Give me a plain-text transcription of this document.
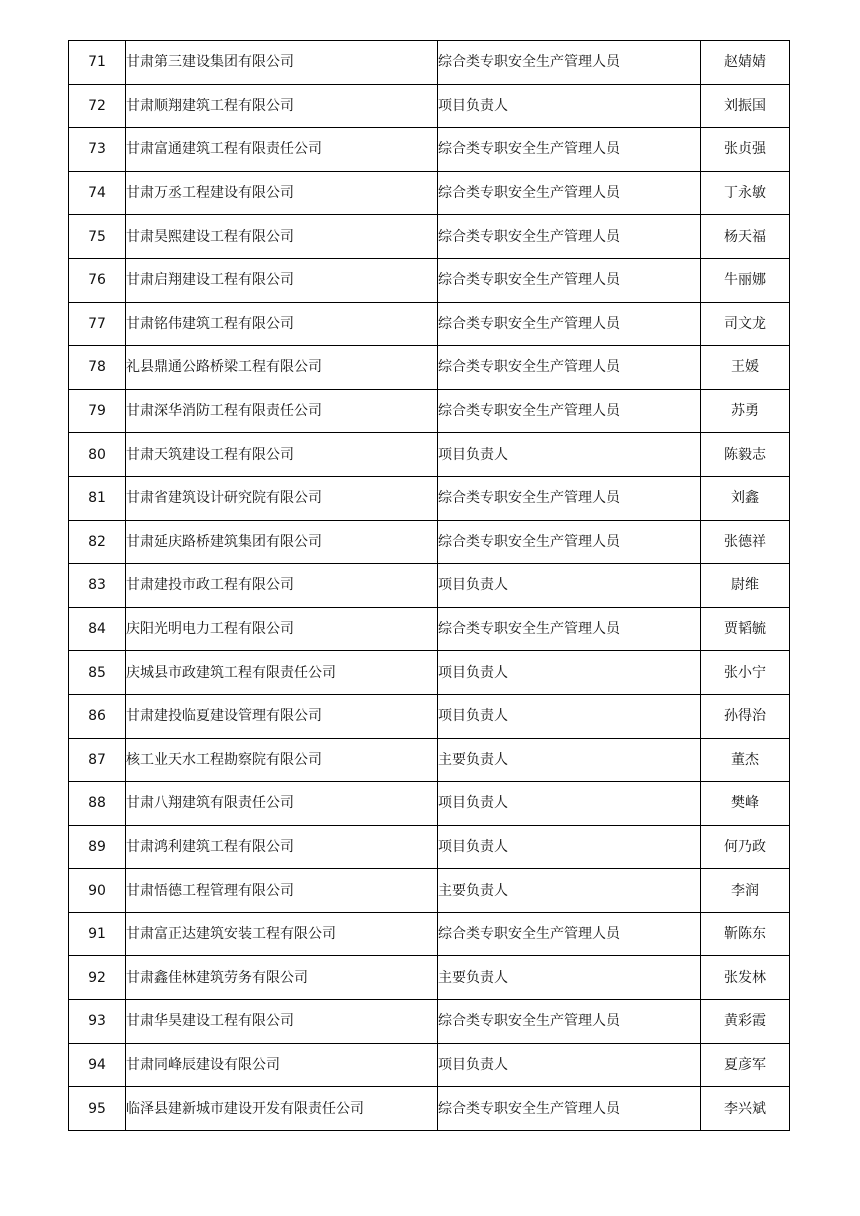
71	甘肃第三建设集团有限公司	综合类专职安全生产管理人员	赵婧婧
72	甘肃顺翔建筑工程有限公司	项目负责人	刘振国
73	甘肃富通建筑工程有限责任公司	综合类专职安全生产管理人员	张贞强
74	甘肃万丞工程建设有限公司	综合类专职安全生产管理人员	丁永敏
75	甘肃昊熙建设工程有限公司	综合类专职安全生产管理人员	杨天福
76	甘肃启翔建设工程有限公司	综合类专职安全生产管理人员	牛丽娜
77	甘肃铭伟建筑工程有限公司	综合类专职安全生产管理人员	司文龙
78	礼县鼎通公路桥梁工程有限公司	综合类专职安全生产管理人员	王媛
79	甘肃深华消防工程有限责任公司	综合类专职安全生产管理人员	苏勇
80	甘肃天筑建设工程有限公司	项目负责人	陈毅志
81	甘肃省建筑设计研究院有限公司	综合类专职安全生产管理人员	刘鑫
82	甘肃延庆路桥建筑集团有限公司	综合类专职安全生产管理人员	张德祥
83	甘肃建投市政工程有限公司	项目负责人	尉维
84	庆阳光明电力工程有限公司	综合类专职安全生产管理人员	贾韬毓
85	庆城县市政建筑工程有限责任公司	项目负责人	张小宁
86	甘肃建投临夏建设管理有限公司	项目负责人	孙得治
87	核工业天水工程勘察院有限公司	主要负责人	董杰
88	甘肃八翔建筑有限责任公司	项目负责人	樊峰
89	甘肃鸿利建筑工程有限公司	项目负责人	何乃政
90	甘肃悟德工程管理有限公司	主要负责人	李润
91	甘肃富正达建筑安装工程有限公司	综合类专职安全生产管理人员	靳陈东
92	甘肃鑫佳林建筑劳务有限公司	主要负责人	张发林
93	甘肃华昊建设工程有限公司	综合类专职安全生产管理人员	黄彩霞
94	甘肃同峰辰建设有限公司	项目负责人	夏彦军
95	临泽县建新城市建设开发有限责任公司	综合类专职安全生产管理人员	李兴斌
